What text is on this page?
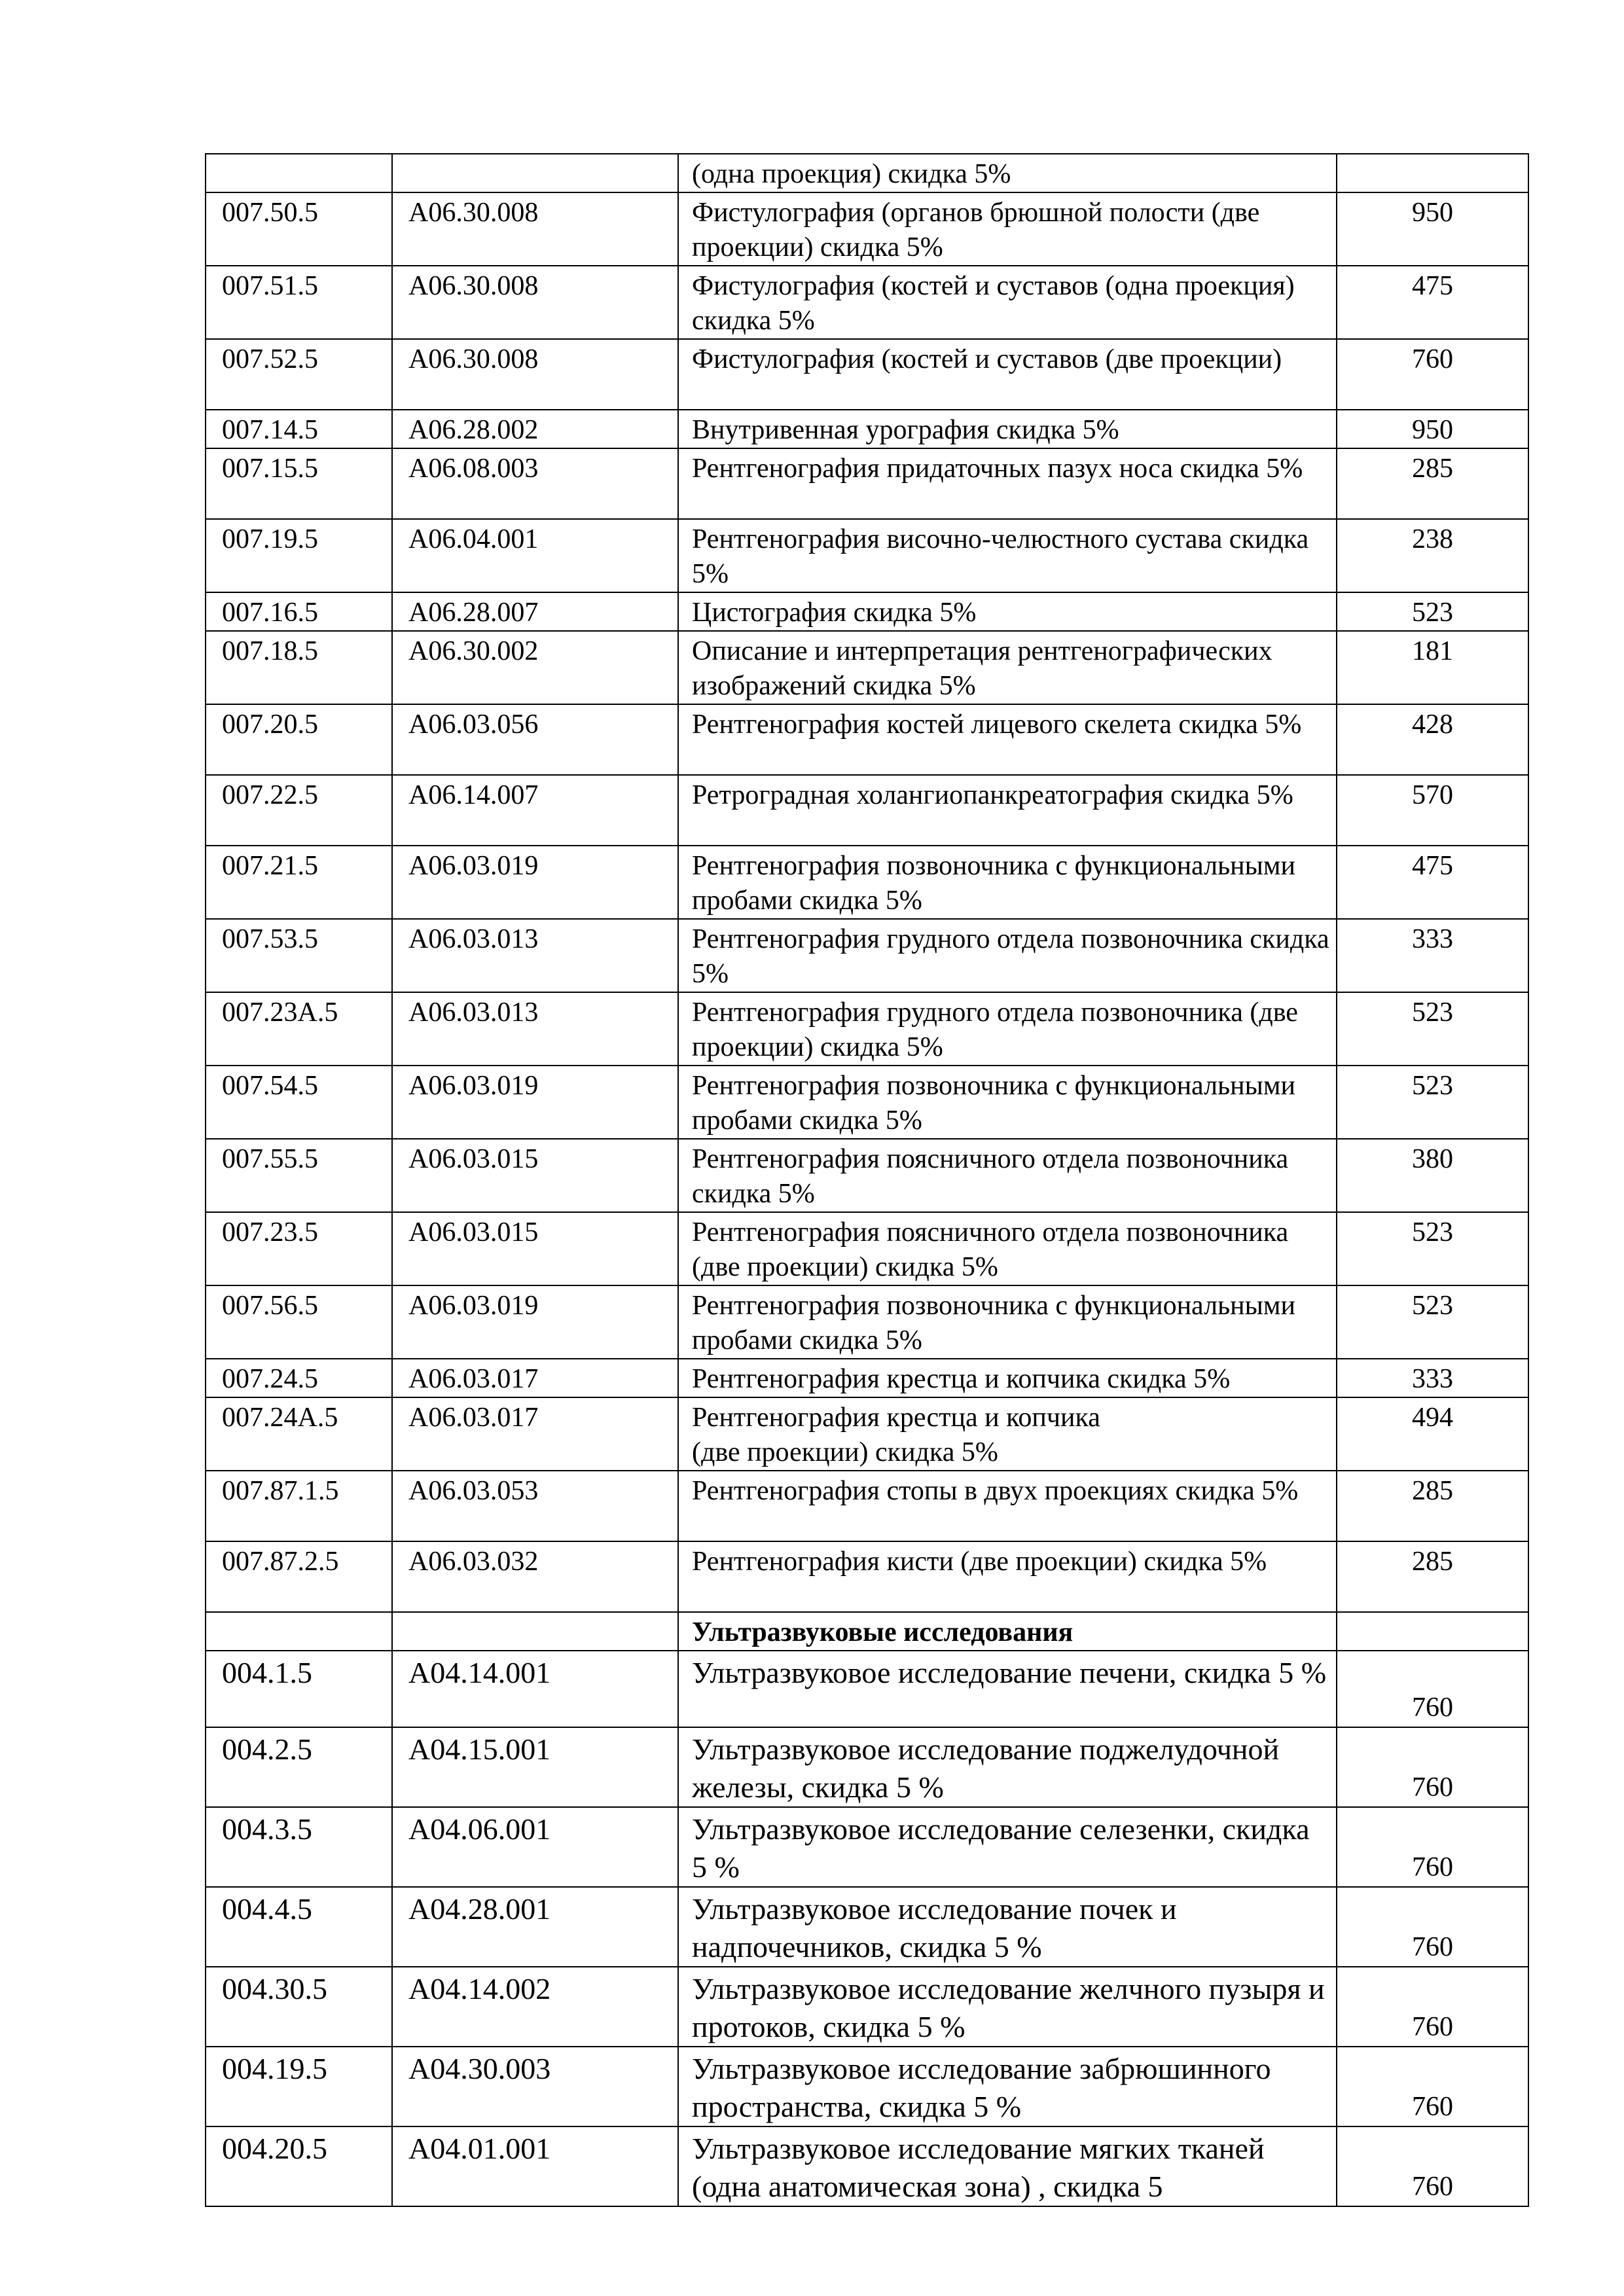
		(одна проекция) скидка 5%	
007.50.5	A06.30.008	Фистулография (органов брюшной полости (две проекции) скидка 5%	950
007.51.5	A06.30.008	Фистулография (костей и суставов (одна проекция) скидка 5%	475
007.52.5	A06.30.008	Фистулография (костей и суставов (две проекции)	760
007.14.5	A06.28.002	Внутривенная урография скидка 5%	950
007.15.5	A06.08.003	Рентгенография придаточных пазух носа скидка 5%	285
007.19.5	A06.04.001	Рентгенография височно-челюстного сустава скидка 5%	238
007.16.5	A06.28.007	Цистография скидка 5%	523
007.18.5	A06.30.002	Описание и интерпретация рентгенографических изображений скидка 5%	181
007.20.5	A06.03.056	Рентгенография костей лицевого скелета скидка 5%	428
007.22.5	A06.14.007	Ретроградная холангиопанкреатография скидка 5%	570
007.21.5	A06.03.019	Рентгенография позвоночника с функциональными пробами скидка 5%	475
007.53.5	A06.03.013	Рентгенография грудного отдела позвоночника скидка 5%	333
007.23A.5	A06.03.013	Рентгенография грудного отдела позвоночника (две проекции) скидка 5%	523
007.54.5	A06.03.019	Рентгенография позвоночника с функциональными пробами скидка 5%	523
007.55.5	A06.03.015	Рентгенография поясничного отдела позвоночника скидка 5%	380
007.23.5	A06.03.015	Рентгенография поясничного отдела позвоночника (две проекции) скидка 5%	523
007.56.5	A06.03.019	Рентгенография позвоночника с функциональными пробами скидка 5%	523
007.24.5	A06.03.017	Рентгенография крестца и копчика скидка 5%	333
007.24A.5	A06.03.017	Рентгенография крестца и копчика
(две проекции) скидка 5%	494
007.87.1.5	A06.03.053	Рентгенография стопы в двух проекциях скидка 5%	285
007.87.2.5	A06.03.032	Рентгенография кисти (две проекции) скидка 5%	285
		Ультразвуковые исследования	
004.1.5	A04.14.001	Ультразвуковое исследование печени, скидка 5 %	760
004.2.5	A04.15.001	Ультразвуковое исследование поджелудочной железы, скидка 5 %	760
004.3.5	A04.06.001	Ультразвуковое исследование селезенки, скидка 5 %	760
004.4.5	A04.28.001	Ультразвуковое исследование почек и надпочечников, скидка 5 %	760
004.30.5	A04.14.002	Ультразвуковое исследование желчного пузыря и протоков, скидка 5 %	760
004.19.5	A04.30.003	Ультразвуковое исследование забрюшинного пространства, скидка 5 %	760
004.20.5	A04.01.001	Ультразвуковое исследование мягких тканей (одна анатомическая зона) , скидка 5	760
